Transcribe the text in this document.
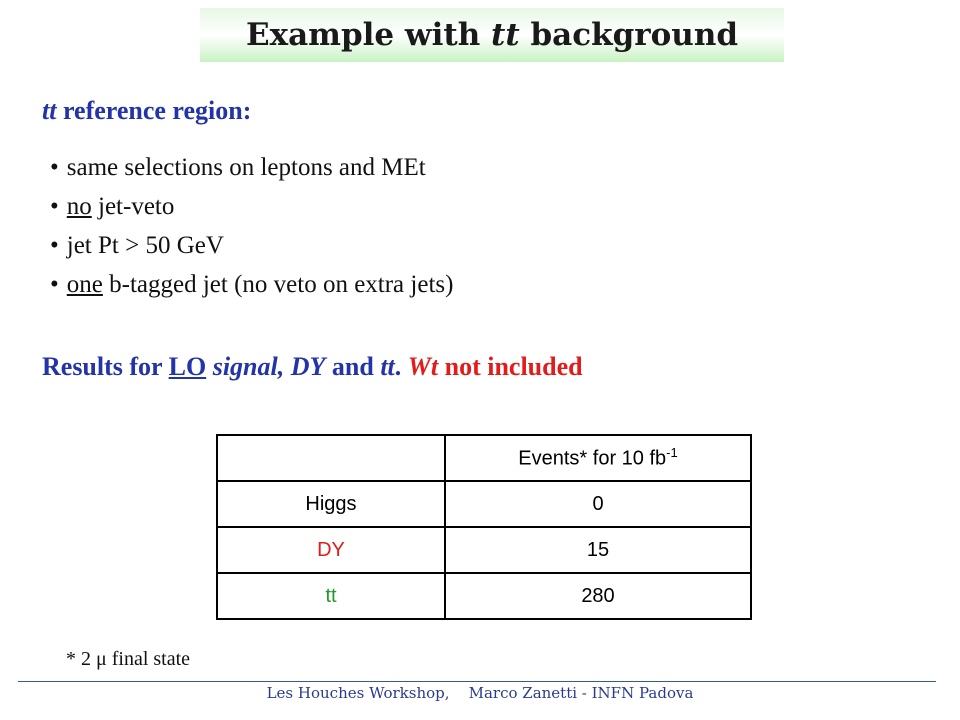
Example with tt background
tt reference region:
• same selections on leptons and MEt
• no jet-veto
• jet Pt > 50 GeV
• one b-tagged jet (no veto on extra jets)
Results for LO signal, DY and tt. Wt not included
	Events* for 10 $fb^{-1}$
Higgs	0
DY	15
tt	280
* 2 μ final state
Les Houches Workshop,    Marco Zanetti - INFN Padova
